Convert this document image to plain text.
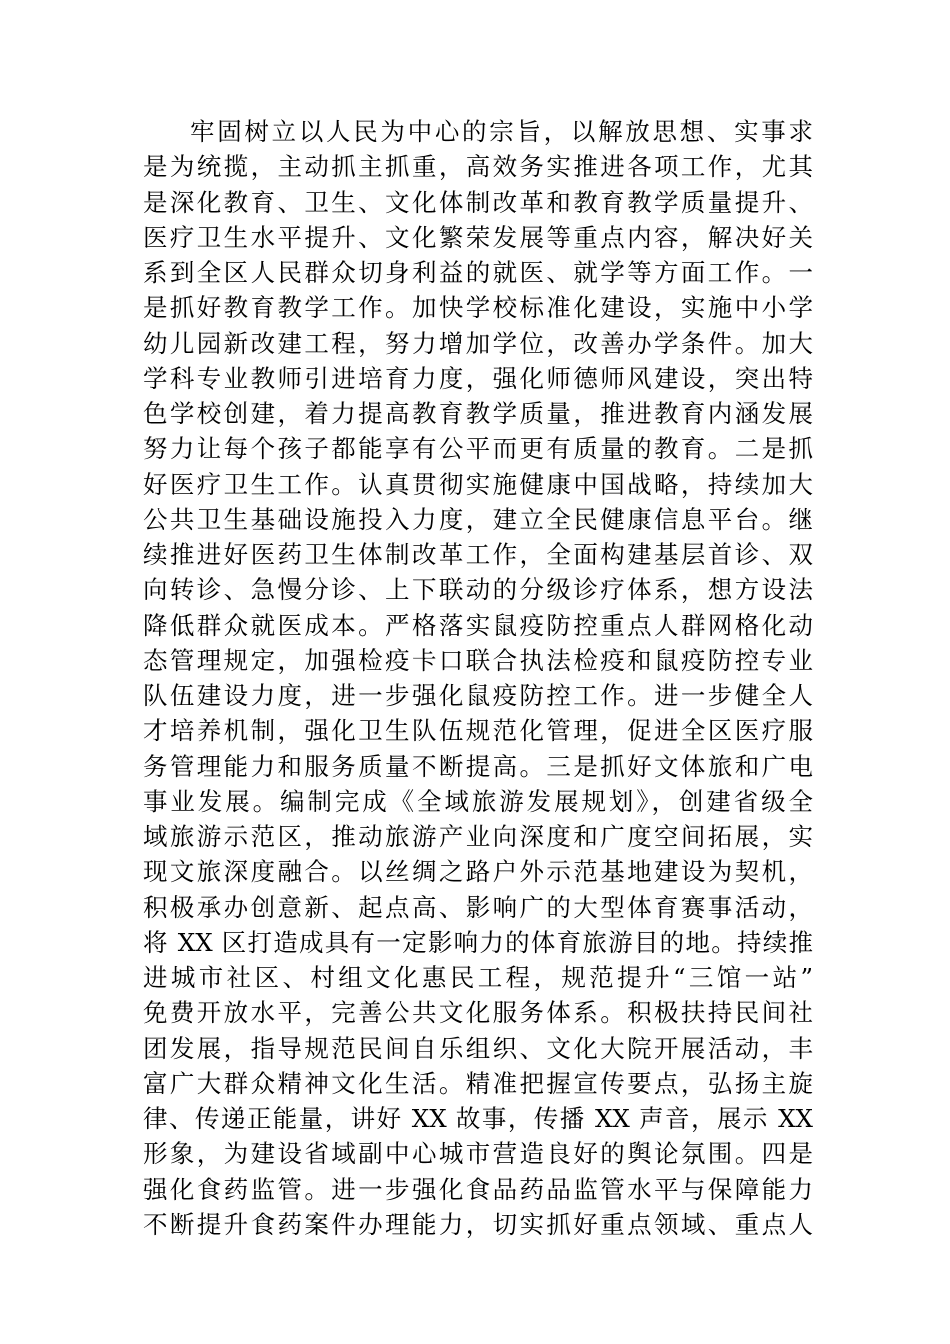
牢固树立以人民为中心的宗旨，以解放思想、实事求
是为统揽，主动抓主抓重，高效务实推进各项工作，尤其
是深化教育、卫生、文化体制改革和教育教学质量提升、
医疗卫生水平提升、文化繁荣发展等重点内容，解决好关
系到全区人民群众切身利益的就医、就学等方面工作。一
是抓好教育教学工作。加快学校标准化建设，实施中小学
幼儿园新改建工程，努力增加学位，改善办学条件。加大
学科专业教师引进培育力度，强化师德师风建设，突出特
色学校创建，着力提高教育教学质量，推进教育内涵发展
努力让每个孩子都能享有公平而更有质量的教育。二是抓
好医疗卫生工作。认真贯彻实施健康中国战略，持续加大
公共卫生基础设施投入力度，建立全民健康信息平台。继
续推进好医药卫生体制改革工作，全面构建基层首诊、双
向转诊、急慢分诊、上下联动的分级诊疗体系，想方设法
降低群众就医成本。严格落实鼠疫防控重点人群网格化动
态管理规定，加强检疫卡口联合执法检疫和鼠疫防控专业
队伍建设力度，进一步强化鼠疫防控工作。进一步健全人
才培养机制，强化卫生队伍规范化管理，促进全区医疗服
务管理能力和服务质量不断提高。三是抓好文体旅和广电
事业发展。编制完成《全域旅游发展规划》，创建省级全
域旅游示范区，推动旅游产业向深度和广度空间拓展，实
现文旅深度融合。以丝绸之路户外示范基地建设为契机，
积极承办创意新、起点高、影响广的大型体育赛事活动，
将 XX 区打造成具有一定影响力的体育旅游目的地。持续推
进城市社区、村组文化惠民工程，规范提升“三馆一站”
免费开放水平，完善公共文化服务体系。积极扶持民间社
团发展，指导规范民间自乐组织、文化大院开展活动，丰
富广大群众精神文化生活。精准把握宣传要点，弘扬主旋
律、传递正能量，讲好 XX 故事，传播 XX 声音，展示 XX
形象，为建设省域副中心城市营造良好的舆论氛围。四是
强化食药监管。进一步强化食品药品监管水平与保障能力
不断提升食药案件办理能力，切实抓好重点领域、重点人
